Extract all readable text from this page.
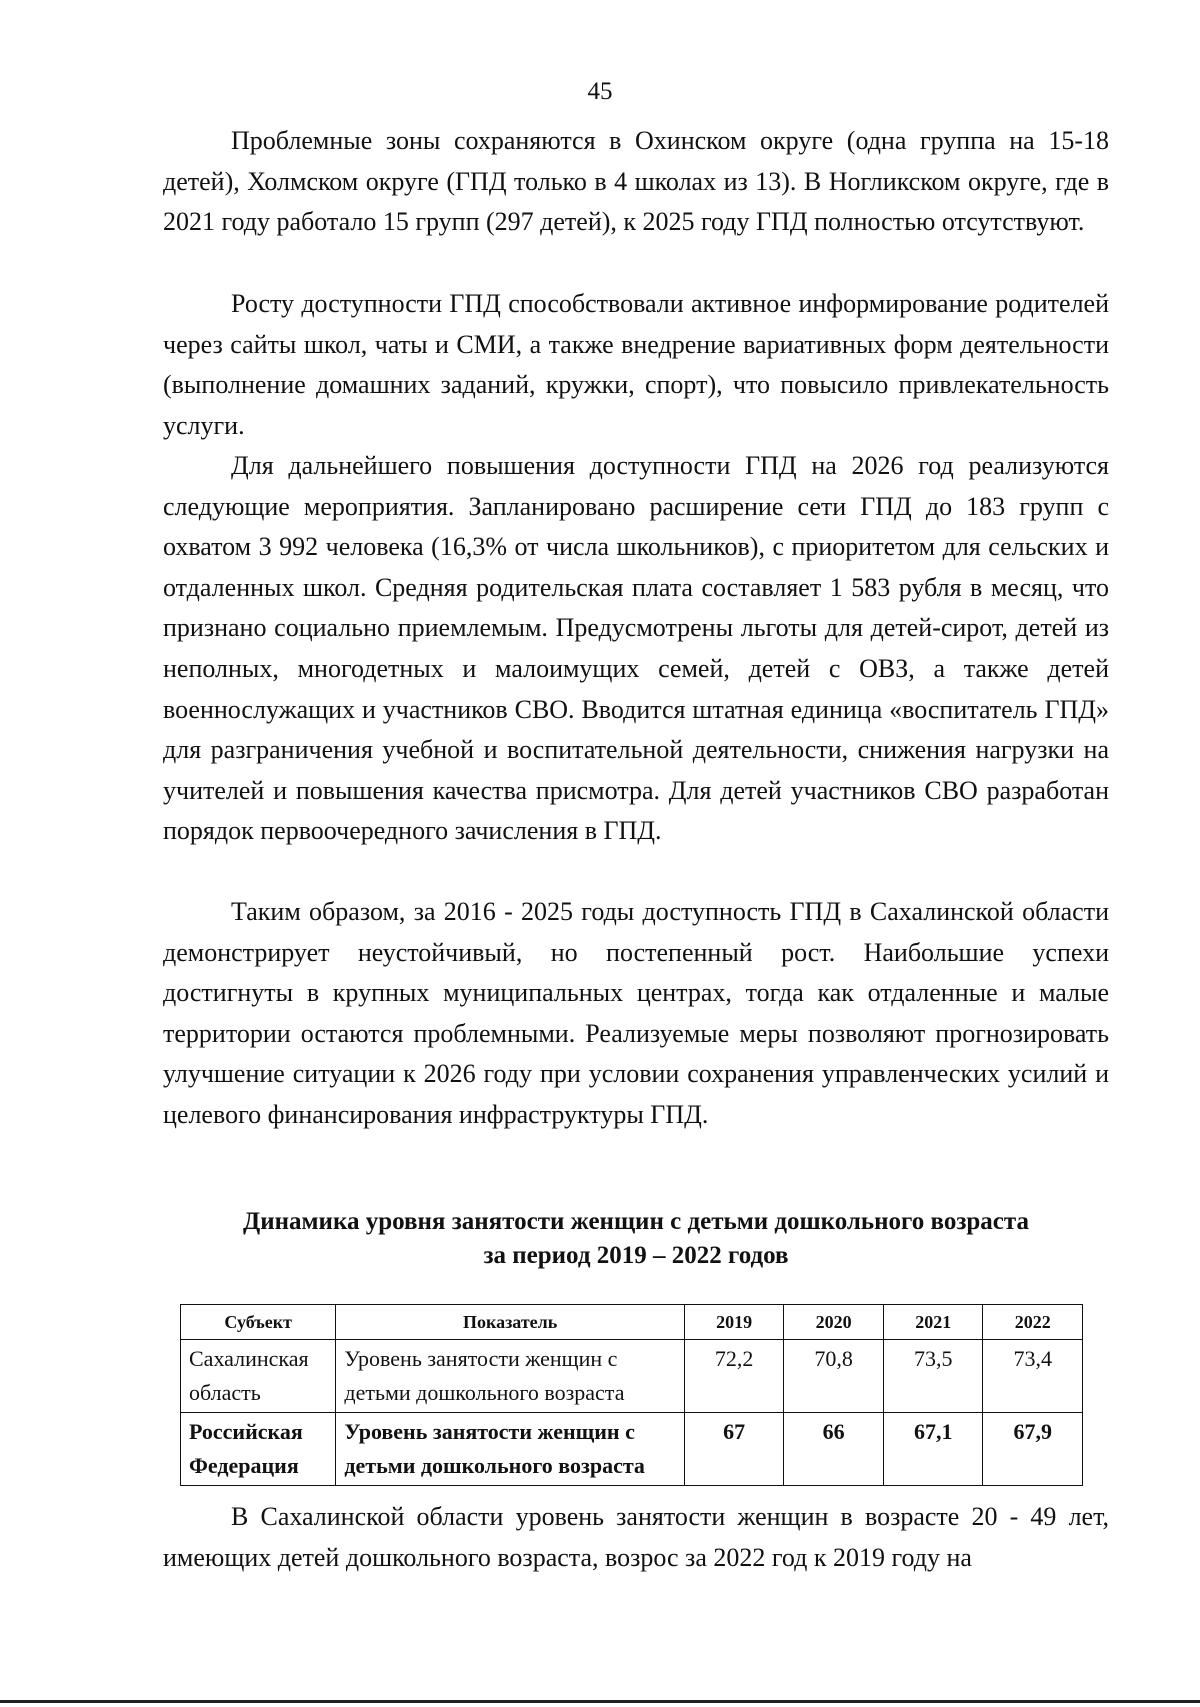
45

Проблемные зоны сохраняются в Охинском округе (одна группа на 15-18 детей), Холмском округе (ГПД только в 4 школах из 13). В Ногликском округе, где в 2021 году работало 15 групп (297 детей), к 2025 году ГПД полностью отсутствуют.

Росту доступности ГПД способствовали активное информирование родителей через сайты школ, чаты и СМИ, а также внедрение вариативных форм деятельности (выполнение домашних заданий, кружки, спорт), что повысило привлекательность услуги.

Для дальнейшего повышения доступности ГПД на 2026 год реализуются следующие мероприятия. Запланировано расширение сети ГПД до 183 групп с охватом 3 992 человека (16,3% от числа школьников), с приоритетом для сельских и отдаленных школ. Средняя родительская плата составляет 1 583 рубля в месяц, что признано социально приемлемым. Предусмотрены льготы для детей-сирот, детей из неполных, многодетных и малоимущих семей, детей с ОВЗ, а также детей военнослужащих и участников СВО. Вводится штатная единица «воспитатель ГПД» для разграничения учебной и воспитательной деятельности, снижения нагрузки на учителей и повышения качества присмотра. Для детей участников СВО разработан порядок первоочередного зачисления в ГПД.

Таким образом, за 2016 - 2025 годы доступность ГПД в Сахалинской области демонстрирует неустойчивый, но постепенный рост. Наибольшие успехи достигнуты в крупных муниципальных центрах, тогда как отдаленные и малые территории остаются проблемными. Реализуемые меры позволяют прогнозировать улучшение ситуации к 2026 году при условии сохранения управленческих усилий и целевого финансирования инфраструктуры ГПД.

Динамика уровня занятости женщин с детьми дошкольного возраста
за период 2019 – 2022 годов
Субъект	Показатель	2019	2020	2021	2022
Сахалинская область	Уровень занятости женщин с детьми дошкольного возраста	72,2	70,8	73,5	73,4
Российская Федерация	Уровень занятости женщин с детьми дошкольного возраста	67	66	67,1	67,9

В Сахалинской области уровень занятости женщин в возрасте 20 - 49 лет, имеющих детей дошкольного возраста, возрос за 2022 год к 2019 году на
